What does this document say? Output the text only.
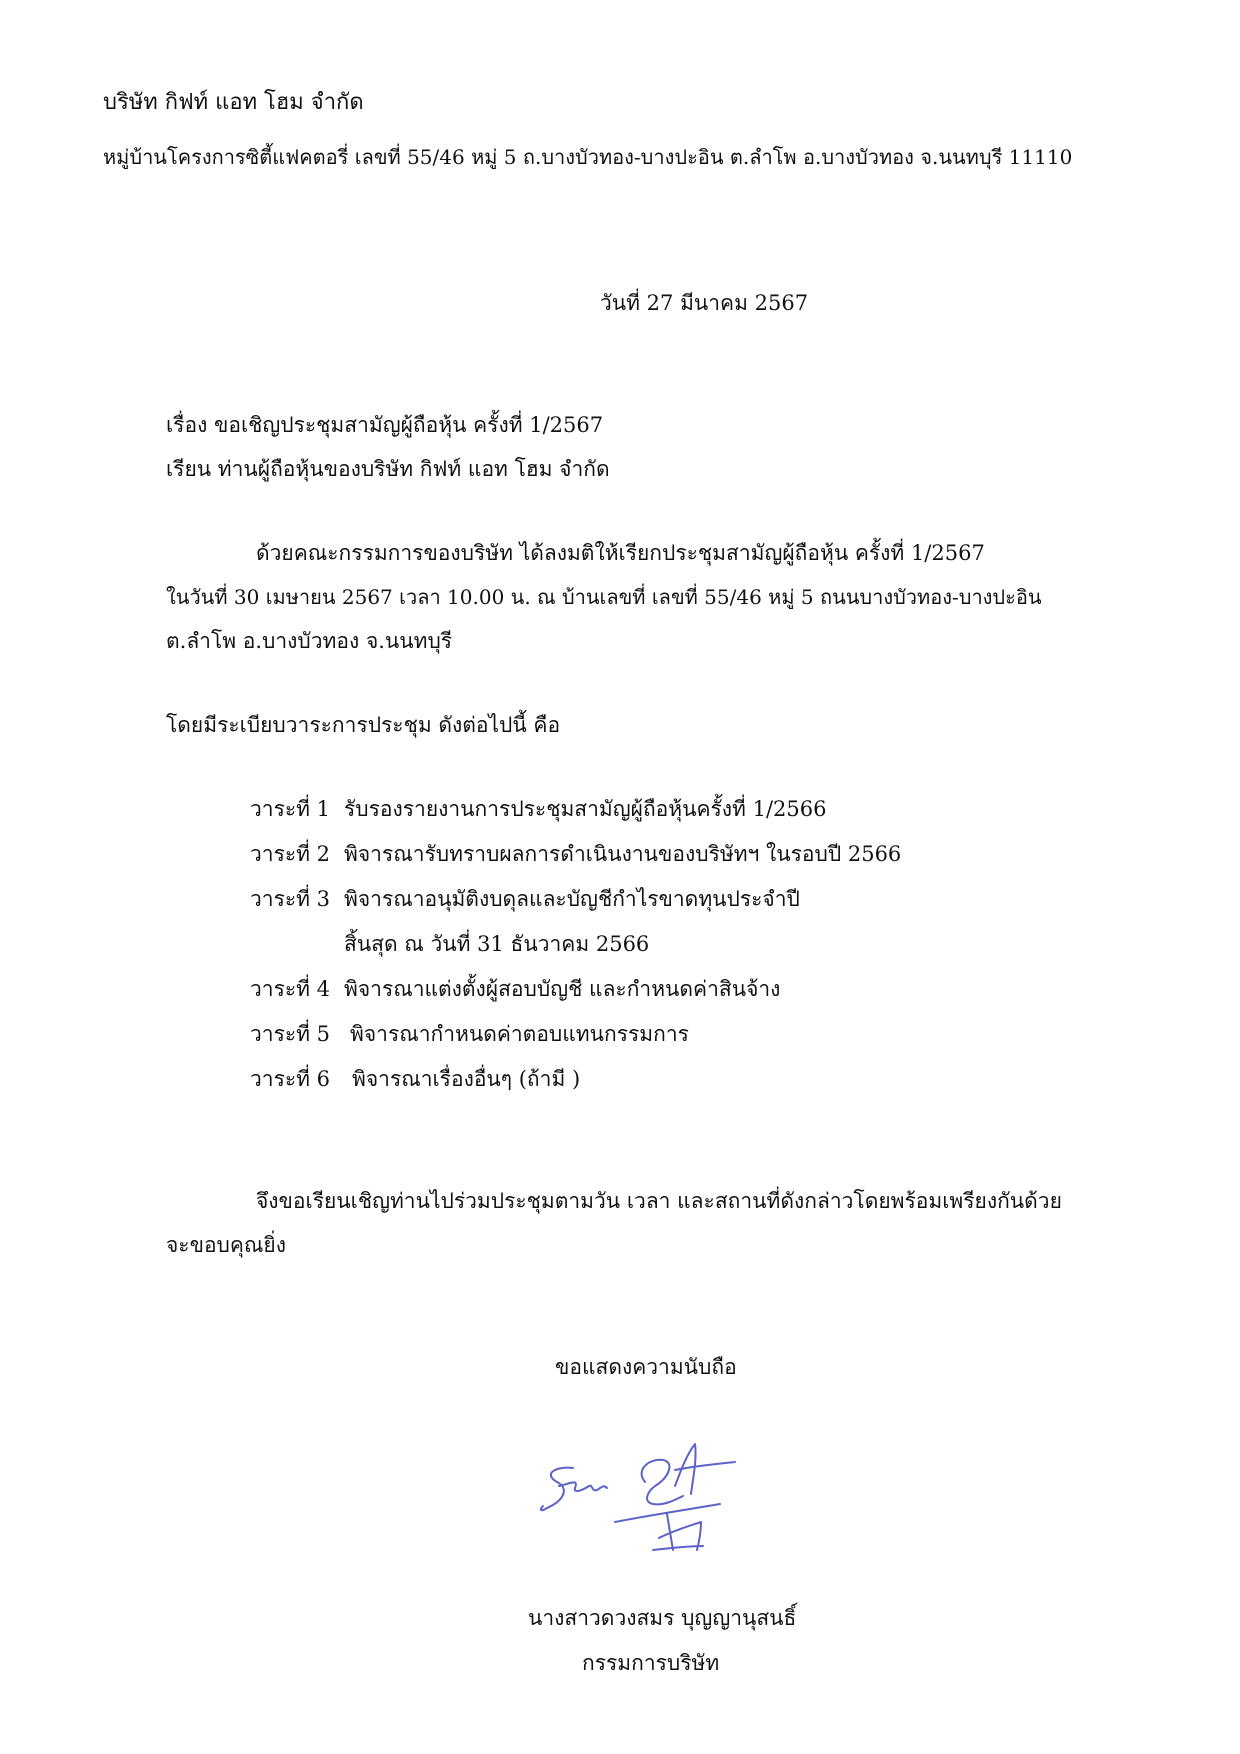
บริษัท กิฟท์ แอท โฮม จำกัด
หมู่บ้านโครงการซิตี้แฟคตอรี่ เลขที่ 55/46 หมู่ 5 ถ.บางบัวทอง-บางปะอิน ต.ลำโพ อ.บางบัวทอง จ.นนทบุรี 11110
วันที่ 27 มีนาคม 2567
เรื่อง ขอเชิญประชุมสามัญผู้ถือหุ้น ครั้งที่ 1/2567
เรียน ท่านผู้ถือหุ้นของบริษัท กิฟท์ แอท โฮม จำกัด
ด้วยคณะกรรมการของบริษัท ได้ลงมติให้เรียกประชุมสามัญผู้ถือหุ้น ครั้งที่ 1/2567
ในวันที่ 30 เมษายน 2567 เวลา 10.00 น. ณ บ้านเลขที่ เลขที่ 55/46 หมู่ 5 ถนนบางบัวทอง-บางปะอิน
ต.ลำโพ อ.บางบัวทอง จ.นนทบุรี
โดยมีระเบียบวาระการประชุม ดังต่อไปนี้ คือ
วาระที่ 1 รับรองรายงานการประชุมสามัญผู้ถือหุ้นครั้งที่ 1/2566
วาระที่ 2 พิจารณารับทราบผลการดำเนินงานของบริษัทฯ ในรอบปี 2566
วาระที่ 3 พิจารณาอนุมัติงบดุลและบัญชีกำไรขาดทุนประจำปี
สิ้นสุด ณ วันที่ 31 ธันวาคม 2566
วาระที่ 4 พิจารณาแต่งตั้งผู้สอบบัญชี และกำหนดค่าสินจ้าง
วาระที่ 5 พิจารณากำหนดค่าตอบแทนกรรมการ
วาระที่ 6 พิจารณาเรื่องอื่นๆ (ถ้ามี )
จึงขอเรียนเชิญท่านไปร่วมประชุมตามวัน เวลา และสถานที่ดังกล่าวโดยพร้อมเพรียงกันด้วย
จะขอบคุณยิ่ง
ขอแสดงความนับถือ
นางสาวดวงสมร บุญญานุสนธิ์
กรรมการบริษัท
